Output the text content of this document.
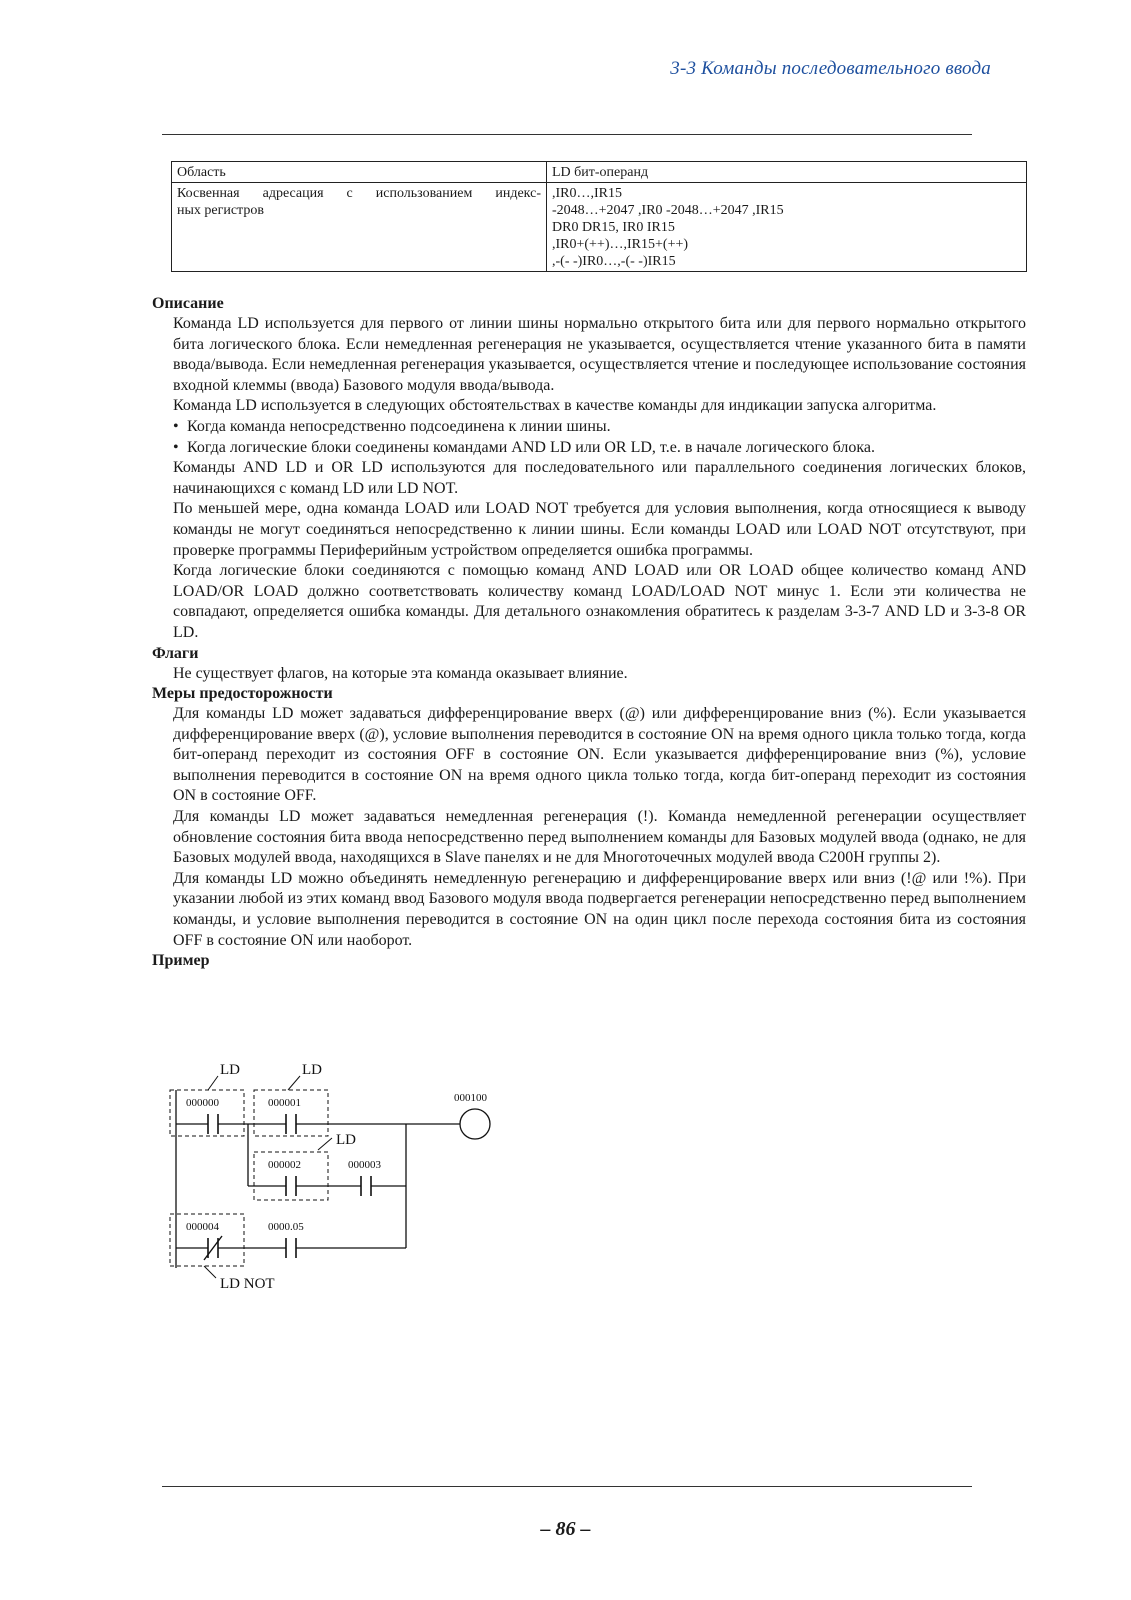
3-3 Команды последовательного ввода
Область	LD бит-операнд

Косвенная адресация с использованием индекс-
ных регистров	,IR0…,IR15
-2048…+2047 ,IR0 -2048…+2047 ,IR15
DR0 DR15, IR0 IR15
,IR0+(++)…,IR15+(++)
,-(- -)IR0…,-(- -)IR15
Описание

Команда LD используется для первого от линии шины нормально открытого бита или для первого нормально открытого бита логического блока. Если немедленная регенерация не указывается, осуществляется чтение указанного бита в памяти ввода/вывода. Если немедленная регенерация указывается, осуществляется чтение и последующее использование состояния входной клеммы (ввода) Базового модуля ввода/вывода.

Команда LD используется в следующих обстоятельствах в качестве команды для индикации запуска алгоритма.

• Когда команда непосредственно подсоединена к линии шины.
• Когда логические блоки соединены командами AND LD или OR LD, т.е. в начале логического блока.

Команды AND LD и OR LD используются для последовательного или параллельного соединения логических блоков, начинающихся с команд LD или LD NOT.

По меньшей мере, одна команда LOAD или LOAD NOT требуется для условия выполнения, когда относящиеся к выводу команды не могут соединяться непосредственно к линии шины. Если команды LOAD или LOAD NOT отсутствуют, при проверке программы Периферийным устройством определяется ошибка программы.

Когда логические блоки соединяются с помощью команд AND LOAD или OR LOAD общее количество команд AND LOAD/OR LOAD должно соответствовать количеству команд LOAD/LOAD NOT минус 1. Если эти количества не совпадают, определяется ошибка команды. Для детального ознакомления обратитесь к разделам 3-3-7 AND LD и 3-3-8 OR LD.

Флаги

Не существует флагов, на которые эта команда оказывает влияние.

Меры предосторожности

Для команды LD может задаваться дифференцирование вверх (@) или дифференцирование вниз (%). Если указывается дифференцирование вверх (@), условие выполнения переводится в состояние ON на время одного цикла только тогда, когда бит-операнд переходит из состояния OFF в состояние ON. Если указывается дифференцирование вниз (%), условие выполнения переводится в состояние ON на время одного цикла только тогда, когда бит-операнд переходит из состояния ON в состояние OFF.

Для команды LD может задаваться немедленная регенерация (!). Команда немедленной регенерации осуществляет обновление состояния бита ввода непосредственно перед выполнением команды для Базовых модулей ввода (однако, не для Базовых модулей ввода, находящихся в Slave панелях и не для Многоточечных модулей ввода C200H группы 2).

Для команды LD можно объединять немедленную регенерацию и дифференцирование вверх или вниз (!@ или !%). При указании любой из этих команд ввод Базового модуля ввода подвергается регенерации непосредственно перед выполнением команды, и условие выполнения переводится в состояние ON на один цикл после перехода состояния бита из состояния OFF в состояние ON или наоборот.

Пример
LD	LD
LD
LD NOT
000000	000001
000002	000003
000004	0000.05
000100
– 86 –
